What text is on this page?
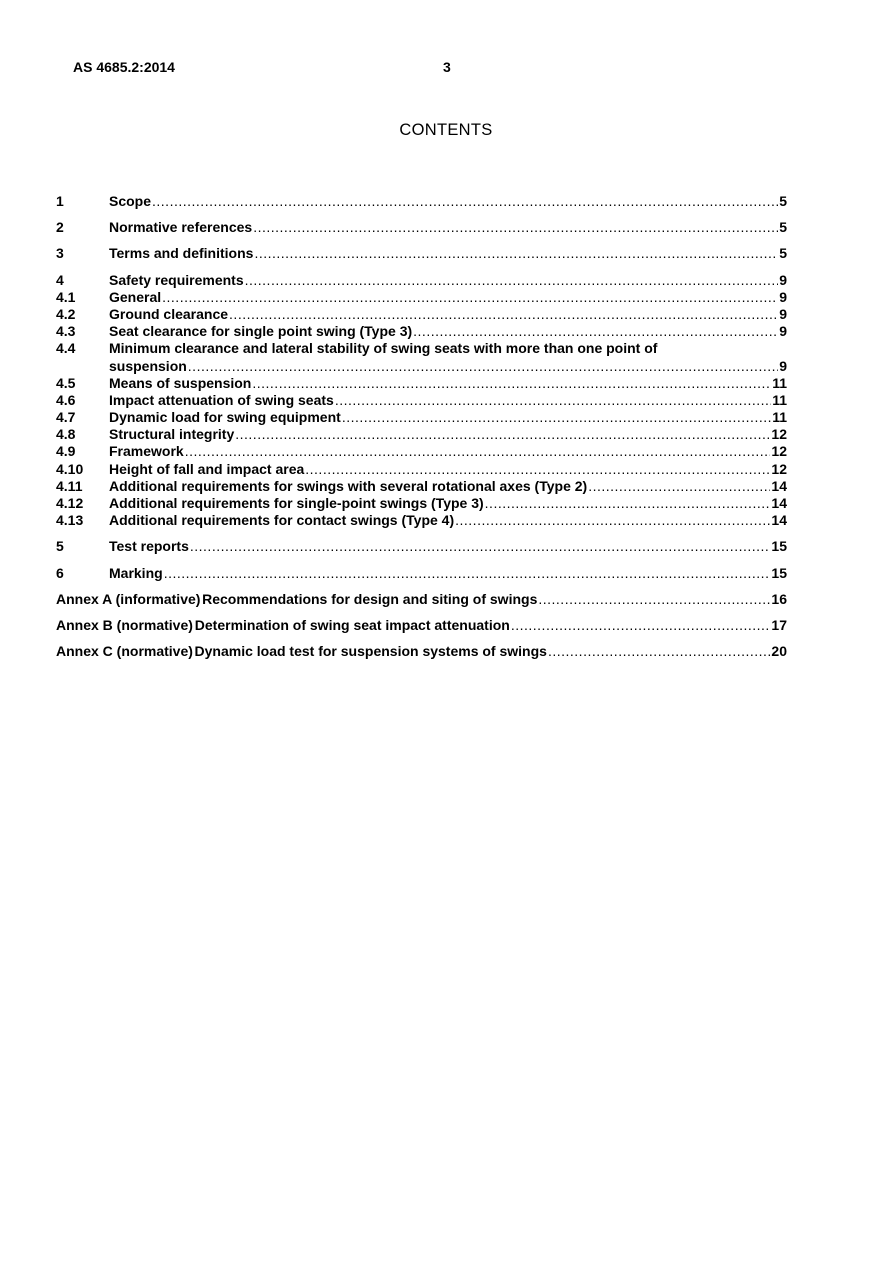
AS 4685.2:2014	3
CONTENTS
1	Scope .....	5
2	Normative references .....	5
3	Terms and definitions .....	5
4	Safety requirements .....	9
4.1	General .....	9
4.2	Ground clearance .....	9
4.3	Seat clearance for single point swing (Type 3) .....	9
4.4	Minimum clearance and lateral stability of swing seats with more than one point of
suspension .....	9
4.5	Means of suspension .....	11
4.6	Impact attenuation of swing seats .....	11
4.7	Dynamic load for swing equipment .....	11
4.8	Structural integrity .....	12
4.9	Framework .....	12
4.10	Height of fall and impact area .....	12
4.11	Additional requirements for swings with several rotational axes (Type 2) .....	14
4.12	Additional requirements for single-point swings (Type 3) .....	14
4.13	Additional requirements for contact swings (Type 4) .....	14
5	Test reports .....	15
6	Marking .....	15
Annex A (informative) Recommendations for design and siting of swings .....	16
Annex B (normative) Determination of swing seat impact attenuation .....	17
Annex C (normative) Dynamic load test for suspension systems of swings .....	20
